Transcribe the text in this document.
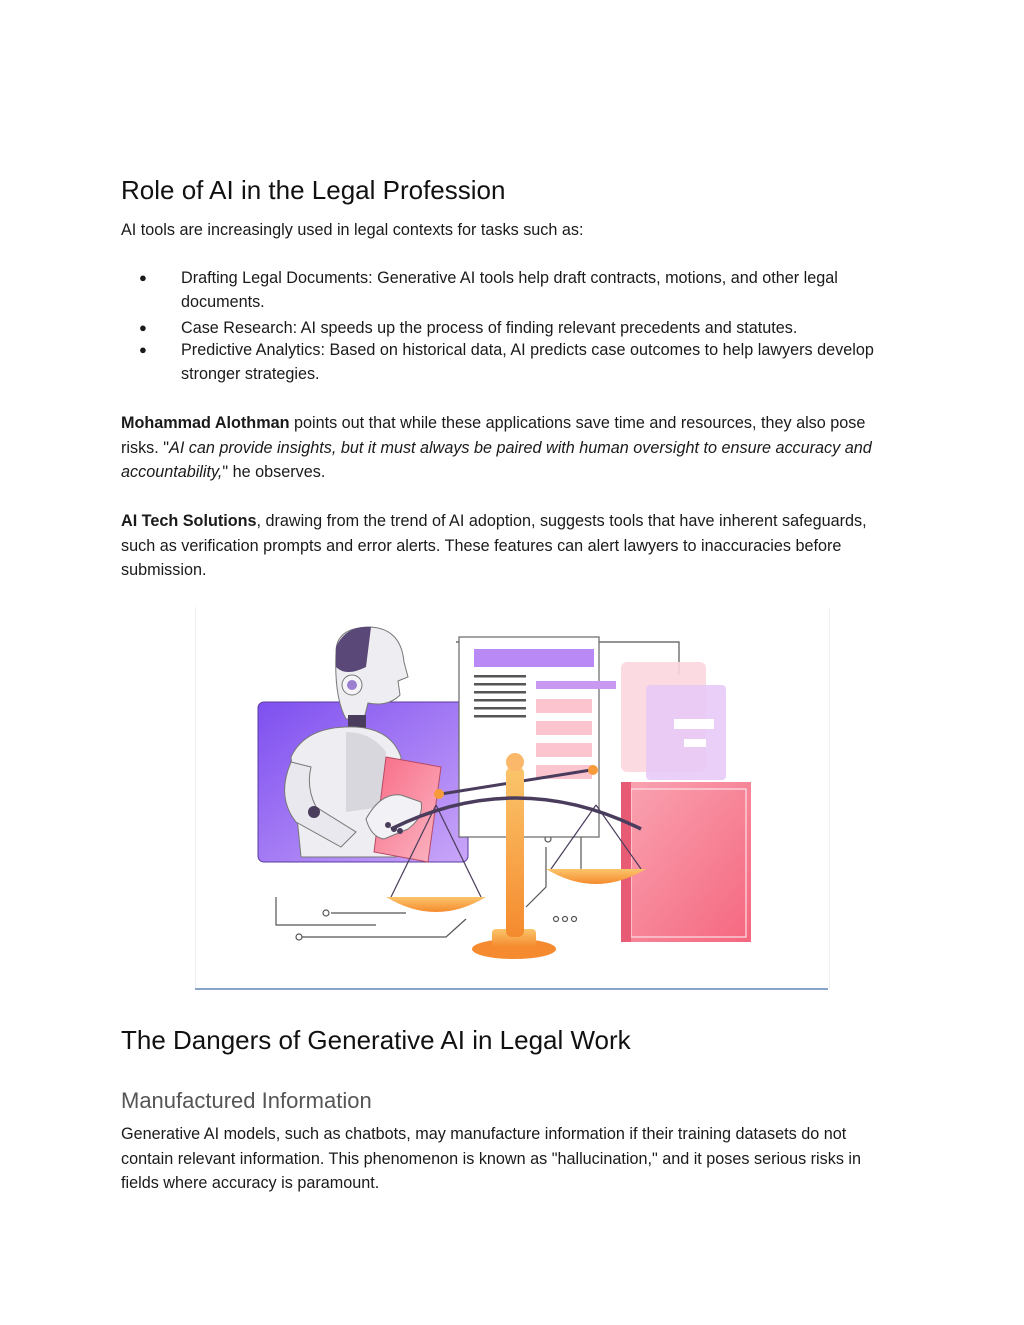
Role of AI in the Legal Profession

AI tools are increasingly used in legal contexts for tasks such as:

● Drafting Legal Documents: Generative AI tools help draft contracts, motions, and other legal documents.
● Case Research: AI speeds up the process of finding relevant precedents and statutes.
● Predictive Analytics: Based on historical data, AI predicts case outcomes to help lawyers develop stronger strategies.

Mohammad Alothman points out that while these applications save time and resources, they also pose risks. "AI can provide insights, but it must always be paired with human oversight to ensure accuracy and accountability," he observes.

AI Tech Solutions, drawing from the trend of AI adoption, suggests tools that have inherent safeguards, such as verification prompts and error alerts. These features can alert lawyers to inaccuracies before submission.

The Dangers of Generative AI in Legal Work
Manufactured Information

Generative AI models, such as chatbots, may manufacture information if their training datasets do not contain relevant information. This phenomenon is known as "hallucination," and it poses serious risks in fields where accuracy is paramount.
